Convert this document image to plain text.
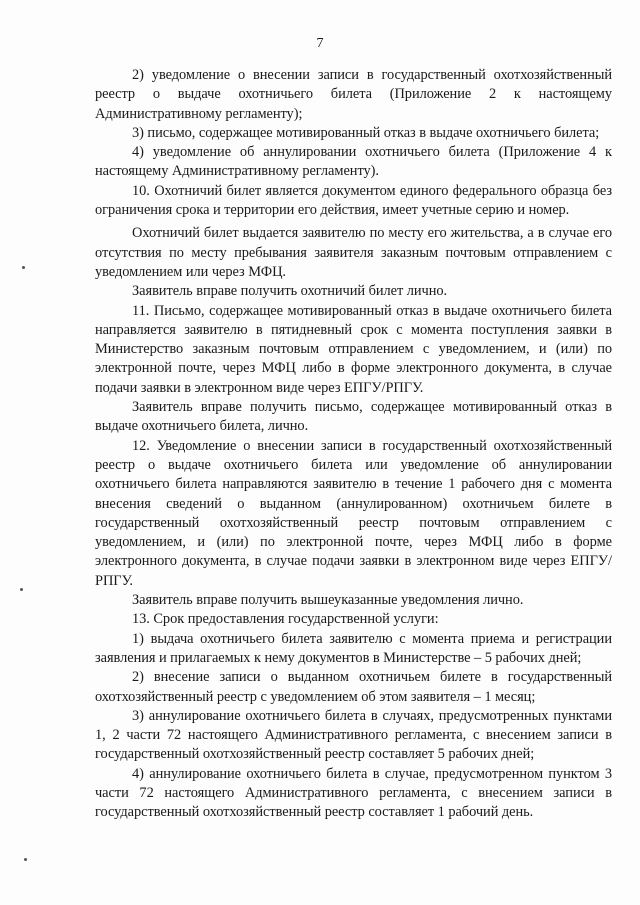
7

2) уведомление о внесении записи в государственный охотхозяйственный реестр о выдаче охотничьего билета (Приложение 2 к настоящему Административному регламенту);

3) письмо, содержащее мотивированный отказ в выдаче охотничьего билета;

4) уведомление об аннулировании охотничьего билета (Приложение 4 к настоящему Административному регламенту).

10. Охотничий билет является документом единого федерального образца без ограничения срока и территории его действия, имеет учетные серию и номер.

Охотничий билет выдается заявителю по месту его жительства, а в случае его отсутствия по месту пребывания заявителя заказным почтовым отправлением с уведомлением или через МФЦ.

Заявитель вправе получить охотничий билет лично.

11. Письмо, содержащее мотивированный отказ в выдаче охотничьего билета направляется заявителю в пятидневный срок с момента поступления заявки в Министерство заказным почтовым отправлением с уведомлением, и (или) по электронной почте, через МФЦ либо в форме электронного документа, в случае подачи заявки в электронном виде через ЕПГУ/РПГУ.

Заявитель вправе получить письмо, содержащее мотивированный отказ в выдаче охотничьего билета, лично.

12. Уведомление о внесении записи в государственный охотхозяйственный реестр о выдаче охотничьего билета или уведомление об аннулировании охотничьего билета направляются заявителю в течение 1 рабочего дня с момента внесения сведений о выданном (аннулированном) охотничьем билете в государственный охотхозяйственный реестр почтовым отправлением с уведомлением, и (или) по электронной почте, через МФЦ либо в форме электронного документа, в случае подачи заявки в электронном виде через ЕПГУ/РПГУ.

Заявитель вправе получить вышеуказанные уведомления лично.

13. Срок предоставления государственной услуги:

1) выдача охотничьего билета заявителю с момента приема и регистрации заявления и прилагаемых к нему документов в Министерстве – 5 рабочих дней;

2) внесение записи о выданном охотничьем билете в государственный охотхозяйственный реестр с уведомлением об этом заявителя – 1 месяц;

3) аннулирование охотничьего билета в случаях, предусмотренных пунктами 1, 2 части 72 настоящего Административного регламента, с внесением записи в государственный охотхозяйственный реестр составляет 5 рабочих дней;

4) аннулирование охотничьего билета в случае, предусмотренном пунктом 3 части 72 настоящего Административного регламента, с внесением записи в государственный охотхозяйственный реестр составляет 1 рабочий день.
